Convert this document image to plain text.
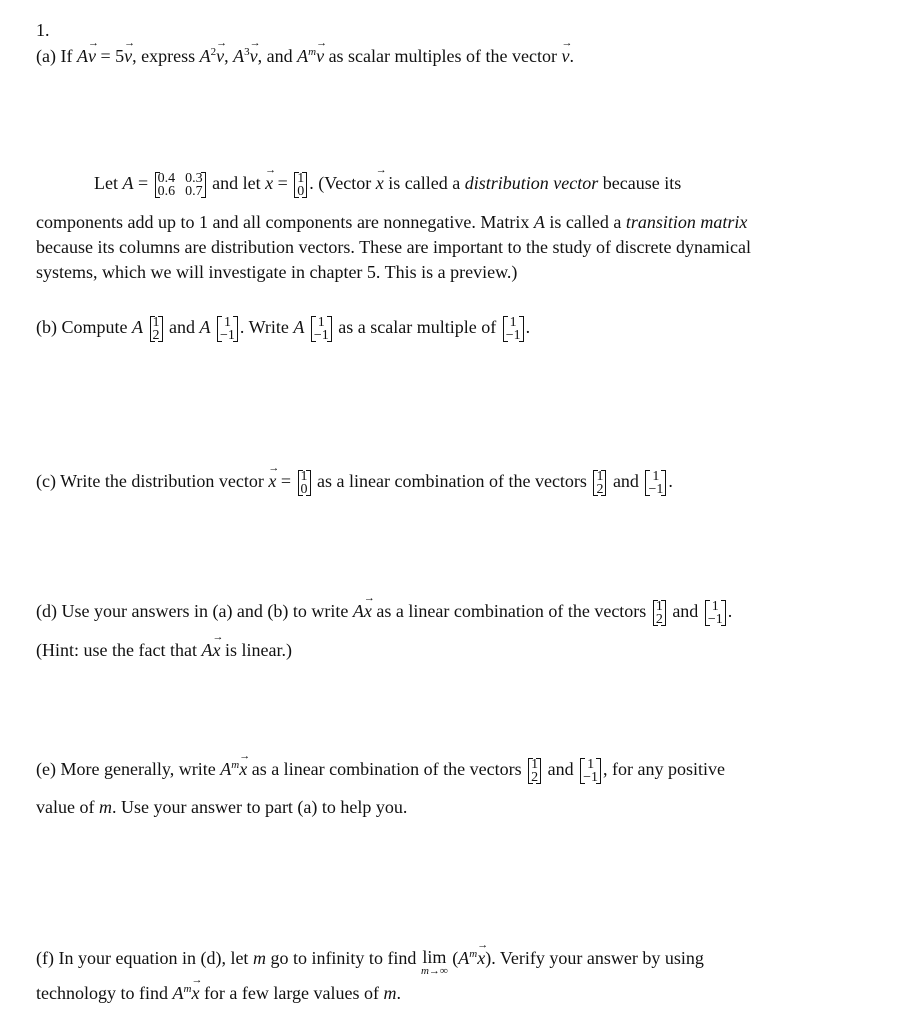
1.
(a) If A
→
v = 5
→
v, express $A^2$
→
v, $A^3$
→
v, and $A^m$
→
v as scalar multiples of the vector
→
v.
Let A = 0.4 0.3
0.6 0.7 and let
→
x = 1
0 . (Vector
→
x is called a distribution vector because its
components add up to 1 and all components are nonnegative. Matrix A is called a transition matrix
because its columns are distribution vectors. These are important to the study of discrete dynamical
systems, which we will investigate in chapter 5. This is a preview.)
(b) Compute A 1
2 and A 1
−1 . Write A 1
−1 as a scalar multiple of 1
−1 .
(c) Write the distribution vector
→
x = 1
0 as a linear combination of the vectors 1
2 and 1
−1 .
(d) Use your answers in (a) and (b) to write A
→
x as a linear combination of the vectors 1
2 and 1
−1 .
(Hint: use the fact that A
→
x is linear.)
(e) More generally, write $A^m$
→
x as a linear combination of the vectors 1
2 and 1
−1 , for any positive
value of m. Use your answer to part (a) to help you.
(f) In your equation in (d), let m go to infinity to find lim
m→∞
($A^m$
→
x). Verify your answer by using
technology to find $A^m$
→
x for a few large values of m.
